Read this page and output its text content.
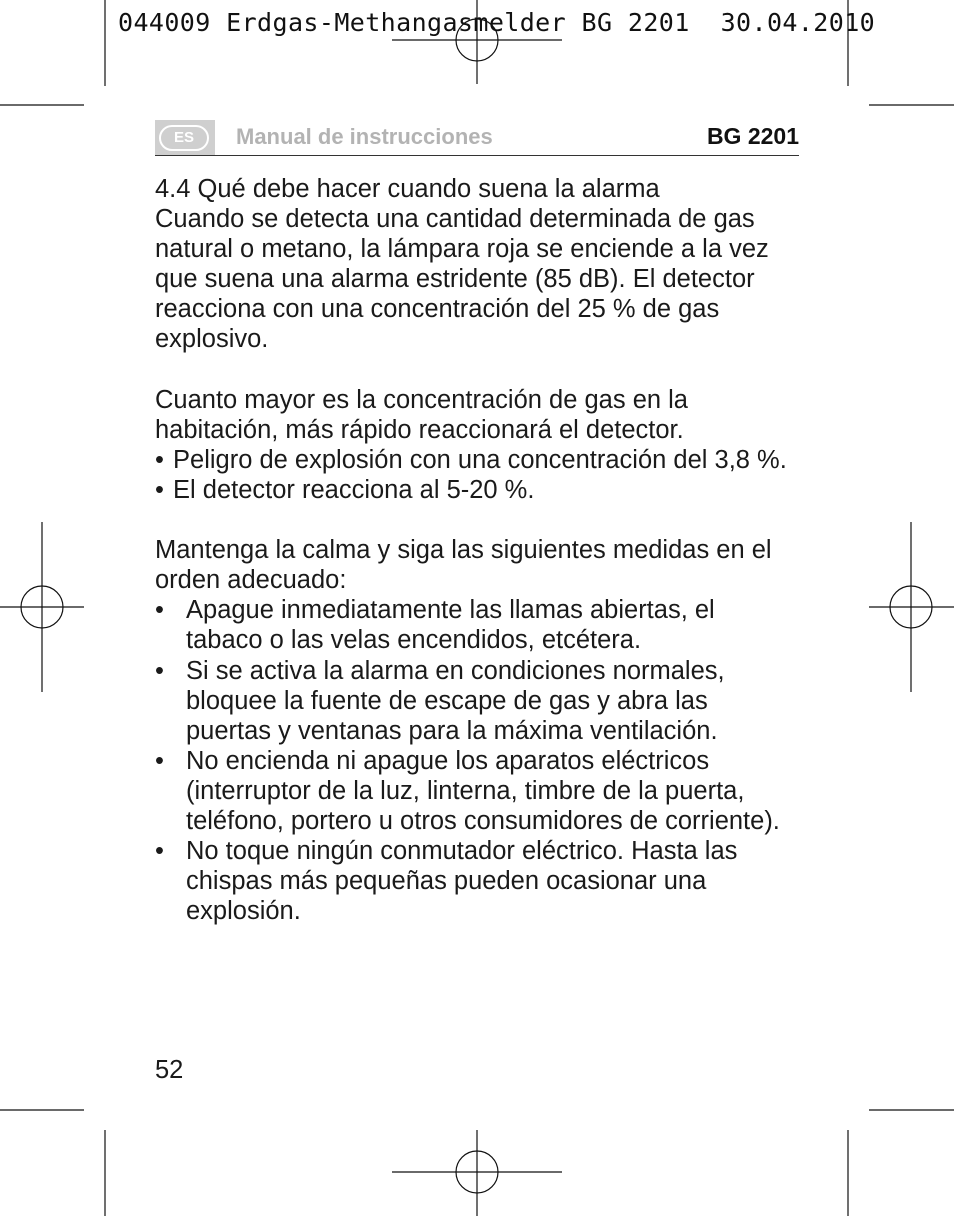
044009 Erdgas-Methangasmelder BG 2201  30.04.2010
ES	Manual de instrucciones	BG 2201

4.4 Qué debe hacer cuando suena la alarma

Cuando se detecta una cantidad determinada de gas natural o metano, la lámpara roja se enciende a la vez que suena una alarma estridente (85 dB). El detector reacciona con una concentración del 25 % de gas explosivo.

Cuanto mayor es la concentración de gas en la habitación, más rápido reaccionará el detector.

• Peligro de explosión con una concentración del 3,8 %.
• El detector reacciona al 5-20 %.

Mantenga la calma y siga las siguientes medidas en el orden adecuado:

• Apague inmediatamente las llamas abiertas, el tabaco o las velas encendidos, etcétera.
• Si se activa la alarma en condiciones normales, bloquee la fuente de escape de gas y abra las puertas y ventanas para la máxima ventilación.
• No encienda ni apague los aparatos eléctricos (interruptor de la luz, linterna, timbre de la puerta, teléfono, portero u otros consumidores de corriente).
• No toque ningún conmutador eléctrico. Hasta las chispas más pequeñas pueden ocasionar una explosión.
52
